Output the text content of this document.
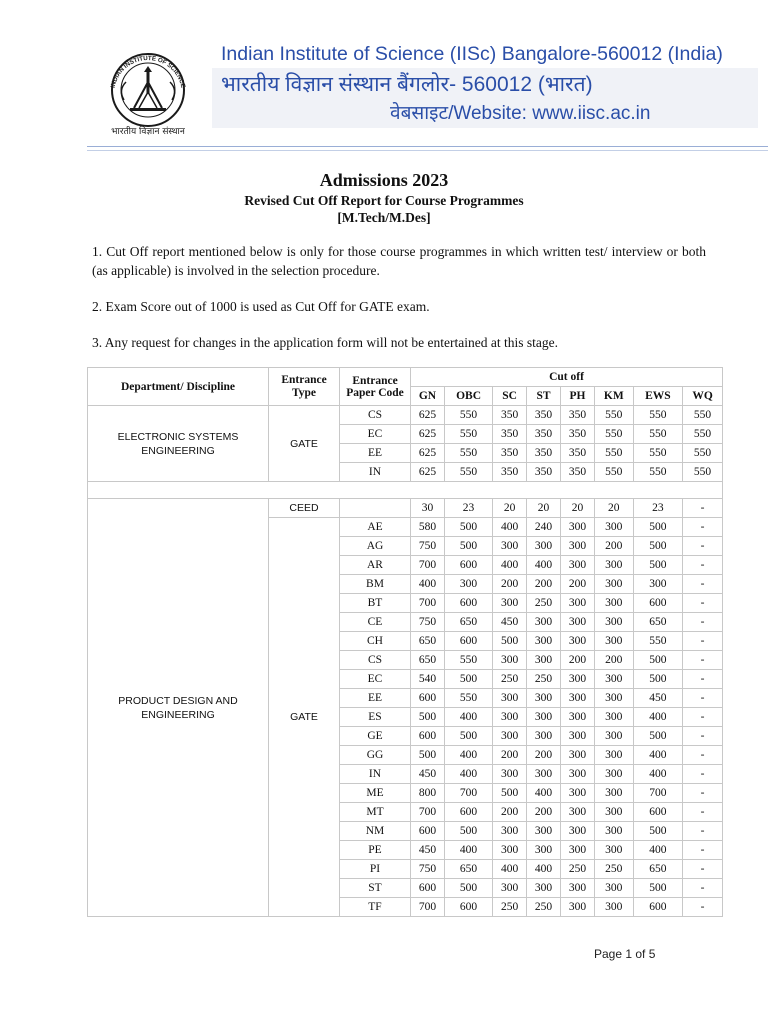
INDIAN INSTITUTE OF SCIENCE
भारतीय विज्ञान संस्थान
Indian Institute of Science (IISc) Bangalore-560012 (India)
भारतीय विज्ञान संस्थान बैंगलोर- 560012 (भारत)
वेबसाइट/Website: www.iisc.ac.in
Admissions 2023
Revised Cut Off Report for Course Programmes
[M.Tech/M.Des]
1. Cut Off report mentioned below is only for those course programmes in which written test/ interview or both (as applicable) is involved in the selection procedure.
2. Exam Score out of 1000 is used as Cut Off for GATE exam.
3. Any request for changes in the application form will not be entertained at this stage.
Department/ Discipline	Entrance Type	Entrance Paper Code	Cut off							
			GN	OBC	SC	ST	PH	KM	EWS	WQ
ELECTRONIC SYSTEMS ENGINEERING	GATE	CS	625	550	350	350	350	550	550	550
		EC	625	550	350	350	350	550	550	550
		EE	625	550	350	350	350	550	550	550
		IN	625	550	350	350	350	550	550	550

PRODUCT DESIGN AND ENGINEERING	CEED		30	23	20	20	20	20	23	-
	GATE	AE	580	500	400	240	300	300	500	-
		AG	750	500	300	300	300	200	500	-
		AR	700	600	400	400	300	300	500	-
		BM	400	300	200	200	200	300	300	-
		BT	700	600	300	250	300	300	600	-
		CE	750	650	450	300	300	300	650	-
		CH	650	600	500	300	300	300	550	-
		CS	650	550	300	300	200	200	500	-
		EC	540	500	250	250	300	300	500	-
		EE	600	550	300	300	300	300	450	-
		ES	500	400	300	300	300	300	400	-
		GE	600	500	300	300	300	300	500	-
		GG	500	400	200	200	300	300	400	-
		IN	450	400	300	300	300	300	400	-
		ME	800	700	500	400	300	300	700	-
		MT	700	600	200	200	300	300	600	-
		NM	600	500	300	300	300	300	500	-
		PE	450	400	300	300	300	300	400	-
		PI	750	650	400	400	250	250	650	-
		ST	600	500	300	300	300	300	500	-
		TF	700	600	250	250	300	300	600	-
Page 1 of 5
